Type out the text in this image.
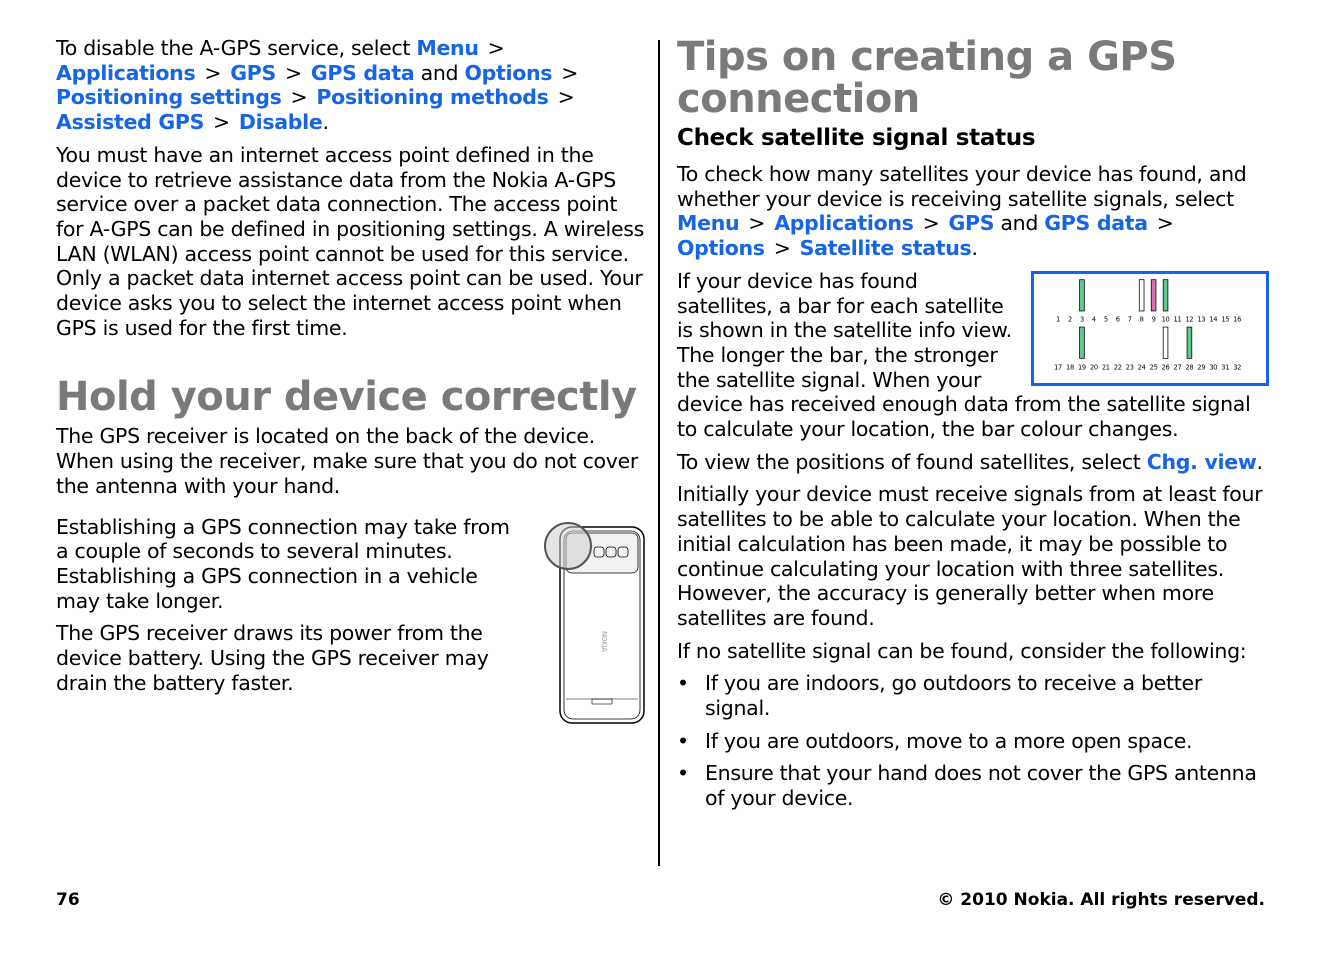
To disable the A-GPS service, select Menu >Applications > GPS > GPS data and Options >Positioning settings > Positioning methods >Assisted GPS > Disable.

You must have an internet access point defined in the device to retrieve assistance data from the Nokia A-GPS service over a packet data connection. The access point for A-GPS can be defined in positioning settings. A wireless LAN (WLAN) access point cannot be used for this service. Only a packet data internet access point can be used. Your device asks you to select the internet access point when GPS is used for the first time.

Hold your device correctly

The GPS receiver is located on the back of the device. When using the receiver, make sure that you do not cover the antenna with your hand.

NOKIA

Establishing a GPS connection may take from a couple of seconds to several minutes. Establishing a GPS connection in a vehicle may take longer.

The GPS receiver draws its power from the device battery. Using the GPS receiver may drain the battery faster.

Tips on creating a GPS connection
Check satellite signal status

To check how many satellites your device has found, and whether your device is receiving satellite signals, select Menu > Applications > GPS and GPS data >Options > Satellite status.

1 2 3 4 5 6 7 8 9 10 11 12 13 14 15 16
17 18 19 20 21 22 23 24 25 26 27 28 29 30 31 32

If your device has found satellites, a bar for each satellite is shown in the satellite info view. The longer the bar, the stronger the satellite signal. When your device has received enough data from the satellite signal to calculate your location, the bar colour changes.

To view the positions of found satellites, select Chg. view.

Initially your device must receive signals from at least four satellites to be able to calculate your location. When the initial calculation has been made, it may be possible to continue calculating your location with three satellites. However, the accuracy is generally better when more satellites are found.

If no satellite signal can be found, consider the following:

• If you are indoors, go outdoors to receive a better signal.
• If you are outdoors, move to a more open space.
• Ensure that your hand does not cover the GPS antenna of your device.
76	© 2010 Nokia. All rights reserved.
